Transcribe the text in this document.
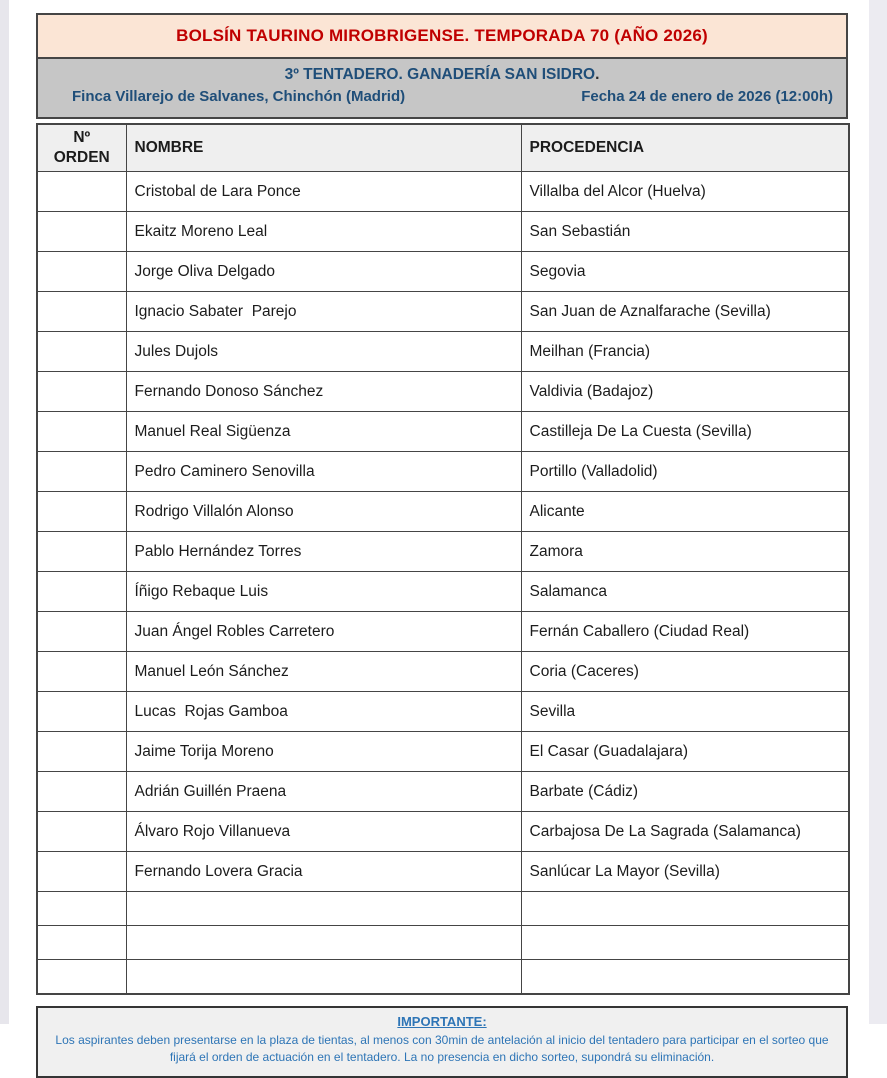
BOLSÍN TAURINO MIROBRIGENSE. TEMPORADA 70 (AÑO 2026)
3º TENTADERO. GANADERÍA SAN ISIDRO.
Finca Villarejo de Salvanes, Chinchón (Madrid)	Fecha 24 de enero de 2026 (12:00h)
Nº
ORDEN	NOMBRE	PROCEDENCIA
	Cristobal de Lara Ponce	Villalba del Alcor (Huelva)
	Ekaitz Moreno Leal	San Sebastián
	Jorge Oliva Delgado	Segovia
	Ignacio Sabater  Parejo	San Juan de Aznalfarache (Sevilla)
	Jules Dujols	Meilhan (Francia)
	Fernando Donoso Sánchez	Valdivia (Badajoz)
	Manuel Real Sigüenza	Castilleja De La Cuesta (Sevilla)
	Pedro Caminero Senovilla	Portillo (Valladolid)
	Rodrigo Villalón Alonso	Alicante
	Pablo Hernández Torres	Zamora
	Íñigo Rebaque Luis	Salamanca
	Juan Ángel Robles Carretero	Fernán Caballero (Ciudad Real)
	Manuel León Sánchez	Coria (Caceres)
	Lucas  Rojas Gamboa	Sevilla
	Jaime Torija Moreno	El Casar (Guadalajara)
	Adrián Guillén Praena	Barbate (Cádiz)
	Álvaro Rojo Villanueva	Carbajosa De La Sagrada (Salamanca)
	Fernando Lovera Gracia	Sanlúcar La Mayor (Sevilla)

IMPORTANTE:
Los aspirantes deben presentarse en la plaza de tientas, al menos con 30min de antelación al inicio del tentadero para participar en el sorteo que fijará el orden de actuación en el tentadero. La no presencia en dicho sorteo, supondrá su eliminación.
